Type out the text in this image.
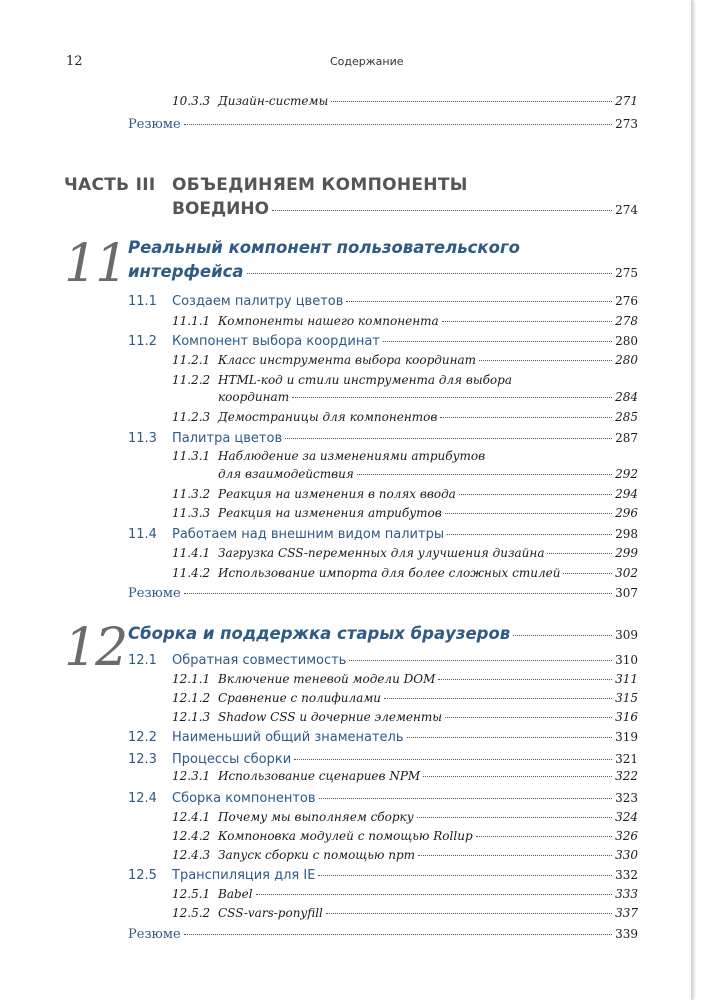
12	Содержание
10.3.3 Дизайн-системы	271
Резюме	273
ЧАСТЬ III ОБЪЕДИНЯЕМ КОМПОНЕНТЫ
ВОЕДИНО	274
11 Реальный компонент пользовательского
интерфейса	275
11.1	Создаем палитру цветов	276
11.1.1 Компоненты нашего компонента	278
11.2	Компонент выбора координат	280
11.2.1 Класс инструмента выбора координат	280
11.2.2 HTML-код и стили инструмента для выбора
координат	284
11.2.3 Демостраницы для компонентов	285
11.3	Палитра цветов	287
11.3.1 Наблюдение за изменениями атрибутов
для взаимодействия	292
11.3.2 Реакция на изменения в полях ввода	294
11.3.3 Реакция на изменения атрибутов	296
11.4	Работаем над внешним видом палитры	298
11.4.1 Загрузка CSS-переменных для улучшения дизайна	299
11.4.2 Использование импорта для более сложных стилей	302
Резюме	307
12 Сборка и поддержка старых браузеров	309
12.1	Обратная совместимость	310
12.1.1 Включение теневой модели DOM	311
12.1.2 Сравнение с полифилами	315
12.1.3 Shadow CSS и дочерние элементы	316
12.2	Наименьший общий знаменатель	319
12.3	Процессы сборки	321
12.3.1 Использование сценариев NPM	322
12.4	Сборка компонентов	323
12.4.1 Почему мы выполняем сборку	324
12.4.2 Компоновка модулей с помощью Rollup	326
12.4.3 Запуск сборки с помощью npm	330
12.5	Транспиляция для IE	332
12.5.1 Babel	333
12.5.2 CSS-vars-ponyfill	337
Резюме	339
